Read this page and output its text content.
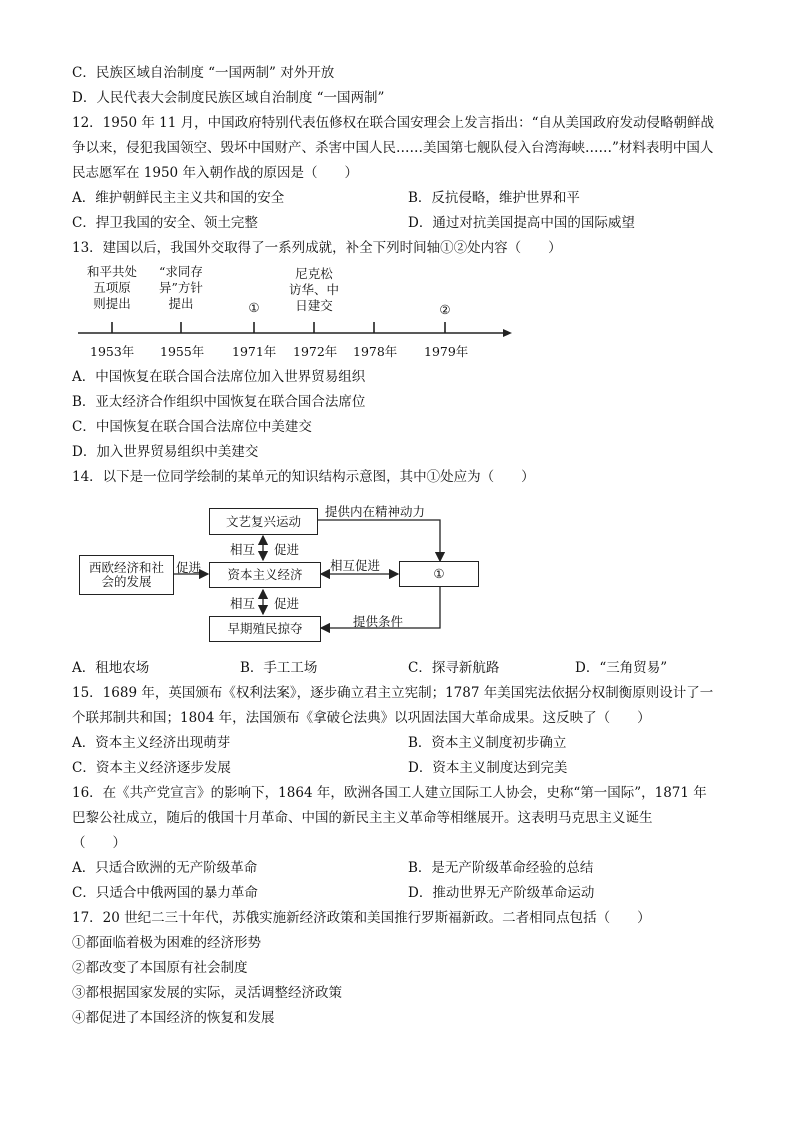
C．民族区域自治制度 “一国两制” 对外开放
D．人民代表大会制度民族区域自治制度 “一国两制”
12．1950 年 11 月，中国政府特别代表伍修权在联合国安理会上发言指出：“自从美国政府发动侵略朝鲜战
争以来，侵犯我国领空、毁坏中国财产、杀害中国人民……美国第七舰队侵入台湾海峡……”材料表明中国人
民志愿军在 1950 年入朝作战的原因是（　　）
A．维护朝鲜民主主义共和国的安全	B．反抗侵略，维护世界和平
C．捍卫我国的安全、领土完整	D．通过对抗美国提高中国的国际威望
13．建国以后，我国外交取得了一系列成就，补全下列时间轴①②处内容（　　）
和平共处
五项原
则提出
1953年
“求同存
异”方针
提出
1955年
①
1971年
尼克松
访华、中
日建交
1972年 1978年
②
1979年
A．中国恢复在联合国合法席位加入世界贸易组织
B．亚太经济合作组织中国恢复在联合国合法席位
C．中国恢复在联合国合法席位中美建交
D．加入世界贸易组织中美建交
14．以下是一位同学绘制的某单元的知识结构示意图，其中①处应为（　　）
西欧经济和社会的发展
文艺复兴运动
资本主义经济
早期殖民掠夺
①
促进
相互 促进
相互 促进
相互促进
提供内在精神动力
提供条件
A．租地农场	B．手工工场	C．探寻新航路	D．“三角贸易”
15．1689 年，英国颁布《权利法案》，逐步确立君主立宪制；1787 年美国宪法依据分权制衡原则设计了一
个联邦制共和国；1804 年，法国颁布《拿破仑法典》以巩固法国大革命成果。这反映了（　　）
A．资本主义经济出现萌芽	B．资本主义制度初步确立
C．资本主义经济逐步发展	D．资本主义制度达到完美
16．在《共产党宣言》的影响下，1864 年，欧洲各国工人建立国际工人协会，史称“第一国际”，1871 年
巴黎公社成立，随后的俄国十月革命、中国的新民主主义革命等相继展开。这表明马克思主义诞生
（　　）
A．只适合欧洲的无产阶级革命	B．是无产阶级革命经验的总结
C．只适合中俄两国的暴力革命	D．推动世界无产阶级革命运动
17．20 世纪二三十年代，苏俄实施新经济政策和美国推行罗斯福新政。二者相同点包括（　　）
①都面临着极为困难的经济形势
②都改变了本国原有社会制度
③都根据国家发展的实际，灵活调整经济政策
④都促进了本国经济的恢复和发展
